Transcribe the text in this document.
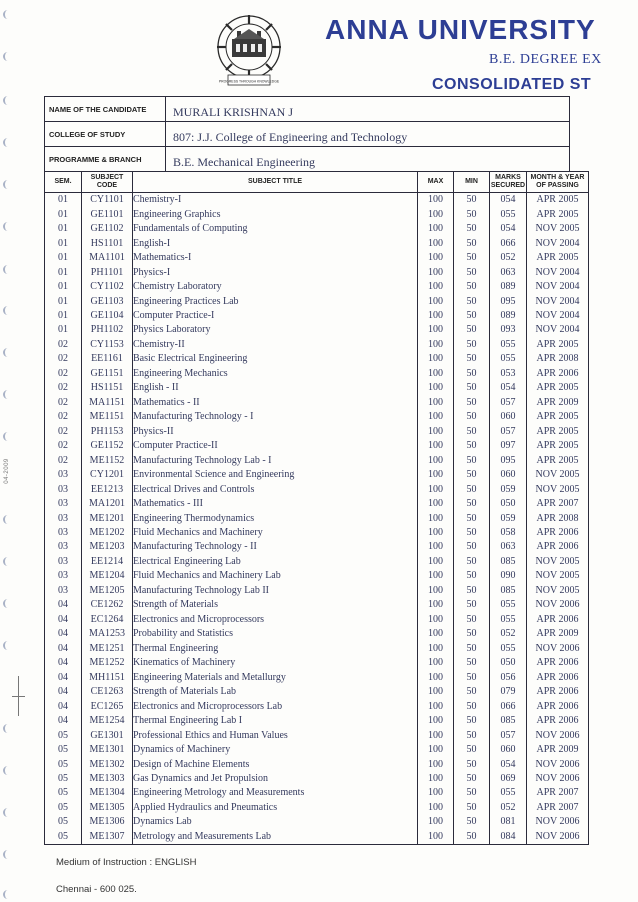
04-2009
PROGRESS THROUGH KNOWLEDGE
ANNA UNIVERSITY
B.E. DEGREE EX
CONSOLIDATED ST
NAME OF THE CANDIDATE	MURALI KRISHNAN J
COLLEGE OF STUDY	807: J.J. College of Engineering and Technology
PROGRAMME & BRANCH	B.E. Mechanical Engineering
SEM.	SUBJECT CODE	SUBJECT TITLE	MAX	MIN	MARKS SECURED	MONTH & YEAR OF PASSING
01	CY1101	Chemistry-I	100	50	054	APR 2005
01	GE1101	Engineering Graphics	100	50	055	APR 2005
01	GE1102	Fundamentals of Computing	100	50	054	NOV 2005
01	HS1101	English-I	100	50	066	NOV 2004
01	MA1101	Mathematics-I	100	50	052	APR 2005
01	PH1101	Physics-I	100	50	063	NOV 2004
01	CY1102	Chemistry Laboratory	100	50	089	NOV 2004
01	GE1103	Engineering Practices Lab	100	50	095	NOV 2004
01	GE1104	Computer Practice-I	100	50	089	NOV 2004
01	PH1102	Physics Laboratory	100	50	093	NOV 2004
02	CY1153	Chemistry-II	100	50	055	APR 2005
02	EE1161	Basic Electrical Engineering	100	50	055	APR 2008
02	GE1151	Engineering Mechanics	100	50	053	APR 2006
02	HS1151	English - II	100	50	054	APR 2005
02	MA1151	Mathematics - II	100	50	057	APR 2009
02	ME1151	Manufacturing Technology - I	100	50	060	APR 2005
02	PH1153	Physics-II	100	50	057	APR 2005
02	GE1152	Computer Practice-II	100	50	097	APR 2005
02	ME1152	Manufacturing Technology Lab - I	100	50	095	APR 2005
03	CY1201	Environmental Science and Engineering	100	50	060	NOV 2005
03	EE1213	Electrical Drives and Controls	100	50	059	NOV 2005
03	MA1201	Mathematics - III	100	50	050	APR 2007
03	ME1201	Engineering Thermodynamics	100	50	059	APR 2008
03	ME1202	Fluid Mechanics and Machinery	100	50	058	APR 2006
03	ME1203	Manufacturing Technology - II	100	50	063	APR 2006
03	EE1214	Electrical Engineering Lab	100	50	085	NOV 2005
03	ME1204	Fluid Mechanics and Machinery Lab	100	50	090	NOV 2005
03	ME1205	Manufacturing Technology Lab II	100	50	085	NOV 2005
04	CE1262	Strength of Materials	100	50	055	NOV 2006
04	EC1264	Electronics and Microprocessors	100	50	055	APR 2006
04	MA1253	Probability and Statistics	100	50	052	APR 2009
04	ME1251	Thermal Engineering	100	50	055	NOV 2006
04	ME1252	Kinematics of Machinery	100	50	050	APR 2006
04	MH1151	Engineering Materials and Metallurgy	100	50	056	APR 2006
04	CE1263	Strength of Materials Lab	100	50	079	APR 2006
04	EC1265	Electronics and Microprocessors Lab	100	50	066	APR 2006
04	ME1254	Thermal Engineering Lab I	100	50	085	APR 2006
05	GE1301	Professional Ethics and Human Values	100	50	057	NOV 2006
05	ME1301	Dynamics of Machinery	100	50	060	APR 2009
05	ME1302	Design of Machine Elements	100	50	054	NOV 2006
05	ME1303	Gas Dynamics and Jet Propulsion	100	50	069	NOV 2006
05	ME1304	Engineering Metrology and Measurements	100	50	055	APR 2007
05	ME1305	Applied Hydraulics and Pneumatics	100	50	052	APR 2007
05	ME1306	Dynamics Lab	100	50	081	NOV 2006
05	ME1307	Metrology and Measurements Lab	100	50	084	NOV 2006
Medium of Instruction : ENGLISH
Chennai - 600 025.
